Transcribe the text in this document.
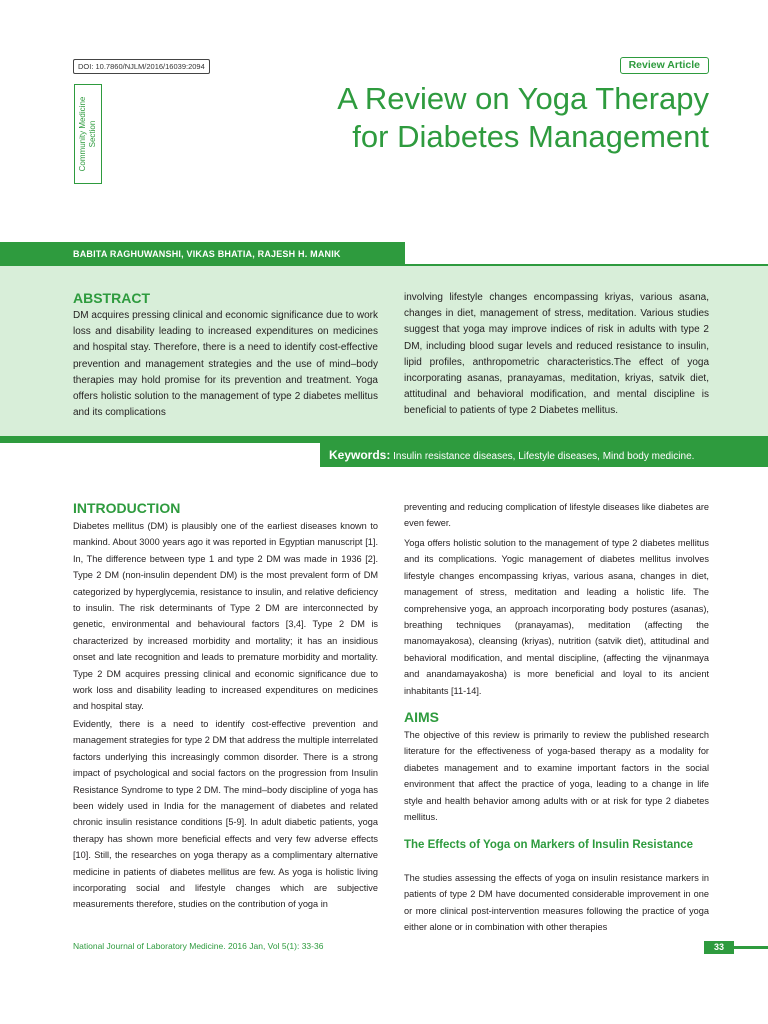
DOI: 10.7860/NJLM/2016/16039:2094	Review Article
Community Medicine Section
A Review on Yoga Therapy
for Diabetes Management
BABITA RAGHUWANSHI, VIKAS BHATIA, RAJESH H. MANIK
ABSTRACT

DM acquires pressing clinical and economic significance due to work loss and disability leading to increased expenditures on medicines and hospital stay. Therefore, there is a need to identify cost-effective prevention and management strategies and the use of mind–body therapies may hold promise for its prevention and treatment. Yoga offers holistic solution to the management of type 2 diabetes mellitus and its complications

involving lifestyle changes encompassing kriyas, various asana, changes in diet, management of stress, meditation. Various studies suggest that yoga may improve indices of risk in adults with type 2 DM, including blood sugar levels and reduced resistance to insulin, lipid profiles, anthropometric characteristics.The effect of yoga incorporating asanas, pranayamas, meditation, kriyas, satvik diet, attitudinal and behavioral modification, and mental discipline is beneficial to patients of type 2 Diabetes mellitus.

Keywords: Insulin resistance diseases, Lifestyle diseases, Mind body medicine.
INTRODUCTION

Diabetes mellitus (DM) is plausibly one of the earliest diseases known to mankind. About 3000 years ago it was reported in Egyptian manuscript [1]. In, The difference between type 1 and type 2 DM was made in 1936 [2]. Type 2 DM (non-insulin dependent DM) is the most prevalent form of DM categorized by hyperglycemia, resistance to insulin, and relative deficiency to insulin. The risk determinants of Type 2 DM are interconnected by genetic, environmental and behavioural factors [3,4]. Type 2 DM is characterized by increased morbidity and mortality; it has an insidious onset and late recognition and leads to premature morbidity and mortality. Type 2 DM acquires pressing clinical and economic significance due to work loss and disability leading to increased expenditures on medicines and hospital stay.

Evidently, there is a need to identify cost-effective prevention and management strategies for type 2 DM that address the multiple interrelated factors underlying this increasingly common disorder. There is a strong impact of psychological and social factors on the progression from Insulin Resistance Syndrome to type 2 DM. The mind–body discipline of yoga has been widely used in India for the management of diabetes and related chronic insulin resistance conditions [5-9]. In adult diabetic patients, yoga therapy has shown more beneficial effects and very few adverse effects [10]. Still, the researches on yoga therapy as a complimentary alternative medicine in patients of diabetes mellitus are few. As yoga is holistic living incorporating social and lifestyle changes which are subjective measurements therefore, studies on the contribution of yoga in

preventing and reducing complication of lifestyle diseases like diabetes are even fewer.

Yoga offers holistic solution to the management of type 2 diabetes mellitus and its complications. Yogic management of diabetes mellitus involves lifestyle changes encompassing kriyas, various asana, changes in diet, management of stress, meditation and leading a holistic life. The comprehensive yoga, an approach incorporating body postures (asanas), breathing techniques (pranayamas), meditation (affecting the manomayakosa), cleansing (kriyas), nutrition (satvik diet), attitudinal and behavioral modification, and mental discipline, (affecting the vijnanmaya and anandamayakosha) is more beneficial and loyal to its ancient inhabitants [11-14].

AIMS

The objective of this review is primarily to review the published research literature for the effectiveness of yoga-based therapy as a modality for diabetes management and to examine important factors in the social environment that affect the practice of yoga, leading to a change in life style and health behavior among adults with or at risk for type 2 diabetes mellitus.

The Effects of Yoga on Markers of Insulin Resistance

The studies assessing the effects of yoga on insulin resistance markers in patients of type 2 DM have documented considerable improvement in one or more clinical post-intervention measures following the practice of yoga either alone or in combination with other therapies

National Journal of Laboratory Medicine. 2016 Jan, Vol 5(1): 33-36	33
